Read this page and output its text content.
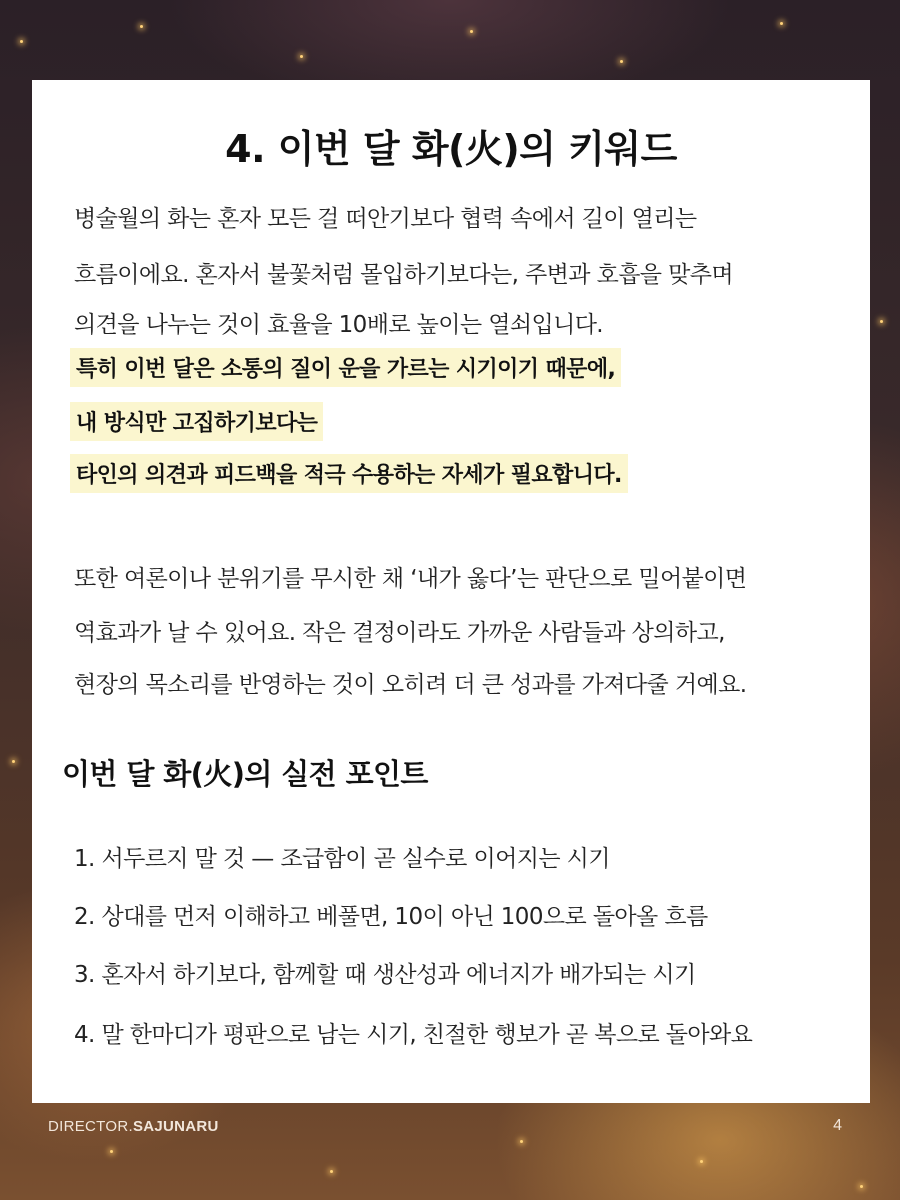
4. 이번 달 화(火)의 키워드
병술월의 화는 혼자 모든 걸 떠안기보다 협력 속에서 길이 열리는
흐름이에요. 혼자서 불꽃처럼 몰입하기보다는, 주변과 호흡을 맞추며
의견을 나누는 것이 효율을 10배로 높이는 열쇠입니다.
특히 이번 달은 소통의 질이 운을 가르는 시기이기 때문에,
내 방식만 고집하기보다는
타인의 의견과 피드백을 적극 수용하는 자세가 필요합니다.
또한 여론이나 분위기를 무시한 채 ‘내가 옳다’는 판단으로 밀어붙이면
역효과가 날 수 있어요. 작은 결정이라도 가까운 사람들과 상의하고,
현장의 목소리를 반영하는 것이 오히려 더 큰 성과를 가져다줄 거예요.
이번 달 화(火)의 실전 포인트
1. 서두르지 말 것 — 조급함이 곧 실수로 이어지는 시기
2. 상대를 먼저 이해하고 베풀면, 10이 아닌 100으로 돌아올 흐름
3. 혼자서 하기보다, 함께할 때 생산성과 에너지가 배가되는 시기
4. 말 한마디가 평판으로 남는 시기, 친절한 행보가 곧 복으로 돌아와요
DIRECTOR.SAJUNARU	4
